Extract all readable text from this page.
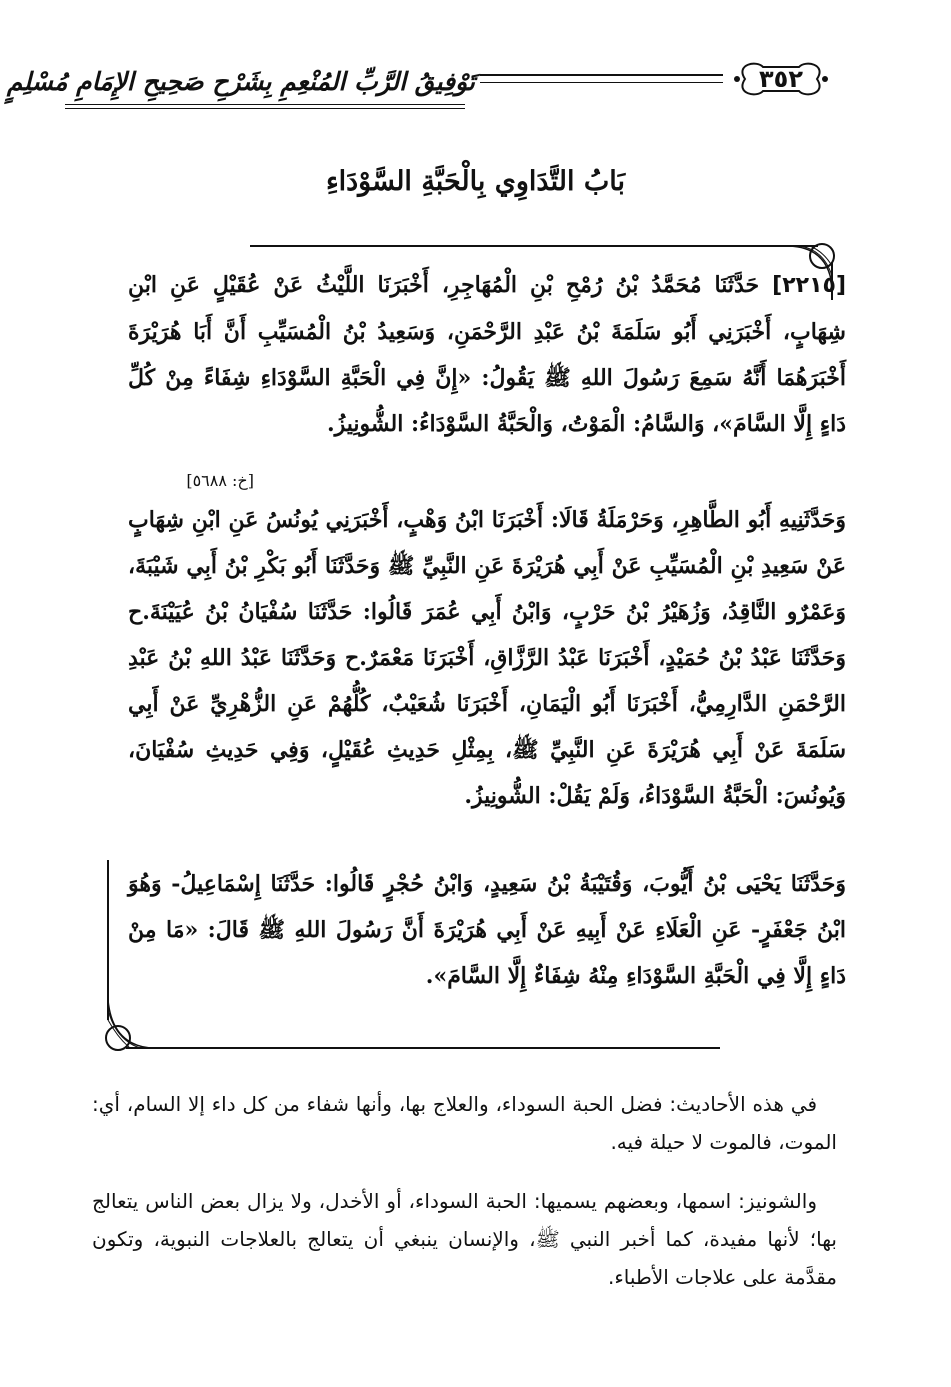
٣٥٢
تَوْفِيقُ الرَّبِّ المُنْعِمِ بِشَرْحِ صَحِيحِ الإِمَامِ مُسْلِمٍ
بَابُ التَّدَاوِي بِالْحَبَّةِ السَّوْدَاءِ

[٢٢١٥] حَدَّثَنَا مُحَمَّدُ بْنُ رُمْحِ بْنِ الْمُهَاجِرِ، أَخْبَرَنَا اللَّيْثُ عَنْ عُقَيْلٍ عَنِ ابْنِ شِهَابٍ، أَخْبَرَنِي أَبُو سَلَمَةَ بْنُ عَبْدِ الرَّحْمَنِ، وَسَعِيدُ بْنُ الْمُسَيِّبِ أَنَّ أَبَا هُرَيْرَةَ أَخْبَرَهُمَا أَنَّهُ سَمِعَ رَسُولَ اللهِ ﷺ يَقُولُ: «إِنَّ فِي الْحَبَّةِ السَّوْدَاءِ شِفَاءً مِنْ كُلِّ دَاءٍ إِلَّا السَّامَ»، وَالسَّامُ: الْمَوْتُ، وَالْحَبَّةُ السَّوْدَاءُ: الشُّونِيزُ.

[خ: ٥٦٨٨]

وَحَدَّثَنِيهِ أَبُو الطَّاهِرِ، وَحَرْمَلَةُ قَالَا: أَخْبَرَنَا ابْنُ وَهْبٍ، أَخْبَرَنِي يُونُسُ عَنِ ابْنِ شِهَابٍ عَنْ سَعِيدِ بْنِ الْمُسَيِّبِ عَنْ أَبِي هُرَيْرَةَ عَنِ النَّبِيِّ ﷺ وَحَدَّثَنَا أَبُو بَكْرِ بْنُ أَبِي شَيْبَةَ، وَعَمْرٌو النَّاقِدُ، وَزُهَيْرُ بْنُ حَرْبٍ، وَابْنُ أَبِي عُمَرَ قَالُوا: حَدَّثَنَا سُفْيَانُ بْنُ عُيَيْنَةَ.ح وَحَدَّثَنَا عَبْدُ بْنُ حُمَيْدٍ، أَخْبَرَنَا عَبْدُ الرَّزَّاقِ، أَخْبَرَنَا مَعْمَرٌ.ح وَحَدَّثَنَا عَبْدُ اللهِ بْنُ عَبْدِ الرَّحْمَنِ الدَّارِمِيُّ، أَخْبَرَنَا أَبُو الْيَمَانِ، أَخْبَرَنَا شُعَيْبٌ، كُلُّهُمْ عَنِ الزُّهْرِيِّ عَنْ أَبِي سَلَمَةَ عَنْ أَبِي هُرَيْرَةَ عَنِ النَّبِيِّ ﷺ، بِمِثْلِ حَدِيثِ عُقَيْلٍ، وَفِي حَدِيثِ سُفْيَانَ، وَيُونُسَ: الْحَبَّةُ السَّوْدَاءُ، وَلَمْ يَقُلْ: الشُّونِيزُ.

وَحَدَّثَنَا يَحْيَى بْنُ أَيُّوبَ، وَقُتَيْبَةُ بْنُ سَعِيدٍ، وَابْنُ حُجْرٍ قَالُوا: حَدَّثَنَا إِسْمَاعِيلُ- وَهُوَ ابْنُ جَعْفَرٍ- عَنِ الْعَلَاءِ عَنْ أَبِيهِ عَنْ أَبِي هُرَيْرَةَ أَنَّ رَسُولَ اللهِ ﷺ قَالَ: «مَا مِنْ دَاءٍ إِلَّا فِي الْحَبَّةِ السَّوْدَاءِ مِنْهُ شِفَاءٌ إِلَّا السَّامَ».

في هذه الأحاديث: فضل الحبة السوداء، والعلاج بها، وأنها شفاء من كل داء إلا السام، أي: الموت، فالموت لا حيلة فيه.

والشونيز: اسمها، وبعضهم يسميها: الحبة السوداء، أو الأخدل، ولا يزال بعض الناس يتعالج بها؛ لأنها مفيدة، كما أخبر النبي ﷺ، والإنسان ينبغي أن يتعالج بالعلاجات النبوية، وتكون مقدَّمة على علاجات الأطباء.
